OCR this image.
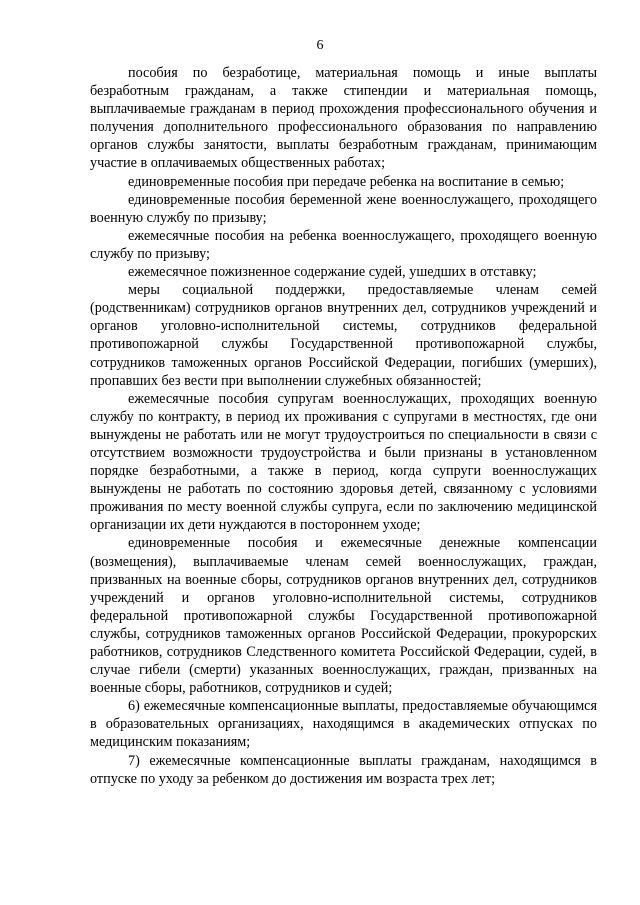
6

пособия по безработице, материальная помощь и иные выплаты безработным гражданам, а также стипендии и материальная помощь, выплачиваемые гражданам в период прохождения профессионального обучения и получения дополнительного профессионального образования по направлению органов службы занятости, выплаты безработным гражданам, принимающим участие в оплачиваемых общественных работах;

единовременные пособия при передаче ребенка на воспитание в семью;

единовременные пособия беременной жене военнослужащего, проходящего военную службу по призыву;

ежемесячные пособия на ребенка военнослужащего, проходящего военную службу по призыву;

ежемесячное пожизненное содержание судей, ушедших в отставку;

меры социальной поддержки, предоставляемые членам семей (родственникам) сотрудников органов внутренних дел, сотрудников учреждений и органов уголовно-исполнительной системы, сотрудников федеральной противопожарной службы Государственной противопожарной службы, сотрудников таможенных органов Российской Федерации, погибших (умерших), пропавших без вести при выполнении служебных обязанностей;

ежемесячные пособия супругам военнослужащих, проходящих военную службу по контракту, в период их проживания с супругами в местностях, где они вынуждены не работать или не могут трудоустроиться по специальности в связи с отсутствием возможности трудоустройства и были признаны в установленном порядке безработными, а также в период, когда супруги военнослужащих вынуждены не работать по состоянию здоровья детей, связанному с условиями проживания по месту военной службы супруга, если по заключению медицинской организации их дети нуждаются в постороннем уходе;

единовременные пособия и ежемесячные денежные компенсации (возмещения), выплачиваемые членам семей военнослужащих, граждан, призванных на военные сборы, сотрудников органов внутренних дел, сотрудников учреждений и органов уголовно-исполнительной системы, сотрудников федеральной противопожарной службы Государственной противопожарной службы, сотрудников таможенных органов Российской Федерации, прокурорских работников, сотрудников Следственного комитета Российской Федерации, судей, в случае гибели (смерти) указанных военнослужащих, граждан, призванных на военные сборы, работников, сотрудников и судей;

6) ежемесячные компенсационные выплаты, предоставляемые обучающимся в образовательных организациях, находящимся в академических отпусках по медицинским показаниям;

7) ежемесячные компенсационные выплаты гражданам, находящимся в отпуске по уходу за ребенком до достижения им возраста трех лет;
